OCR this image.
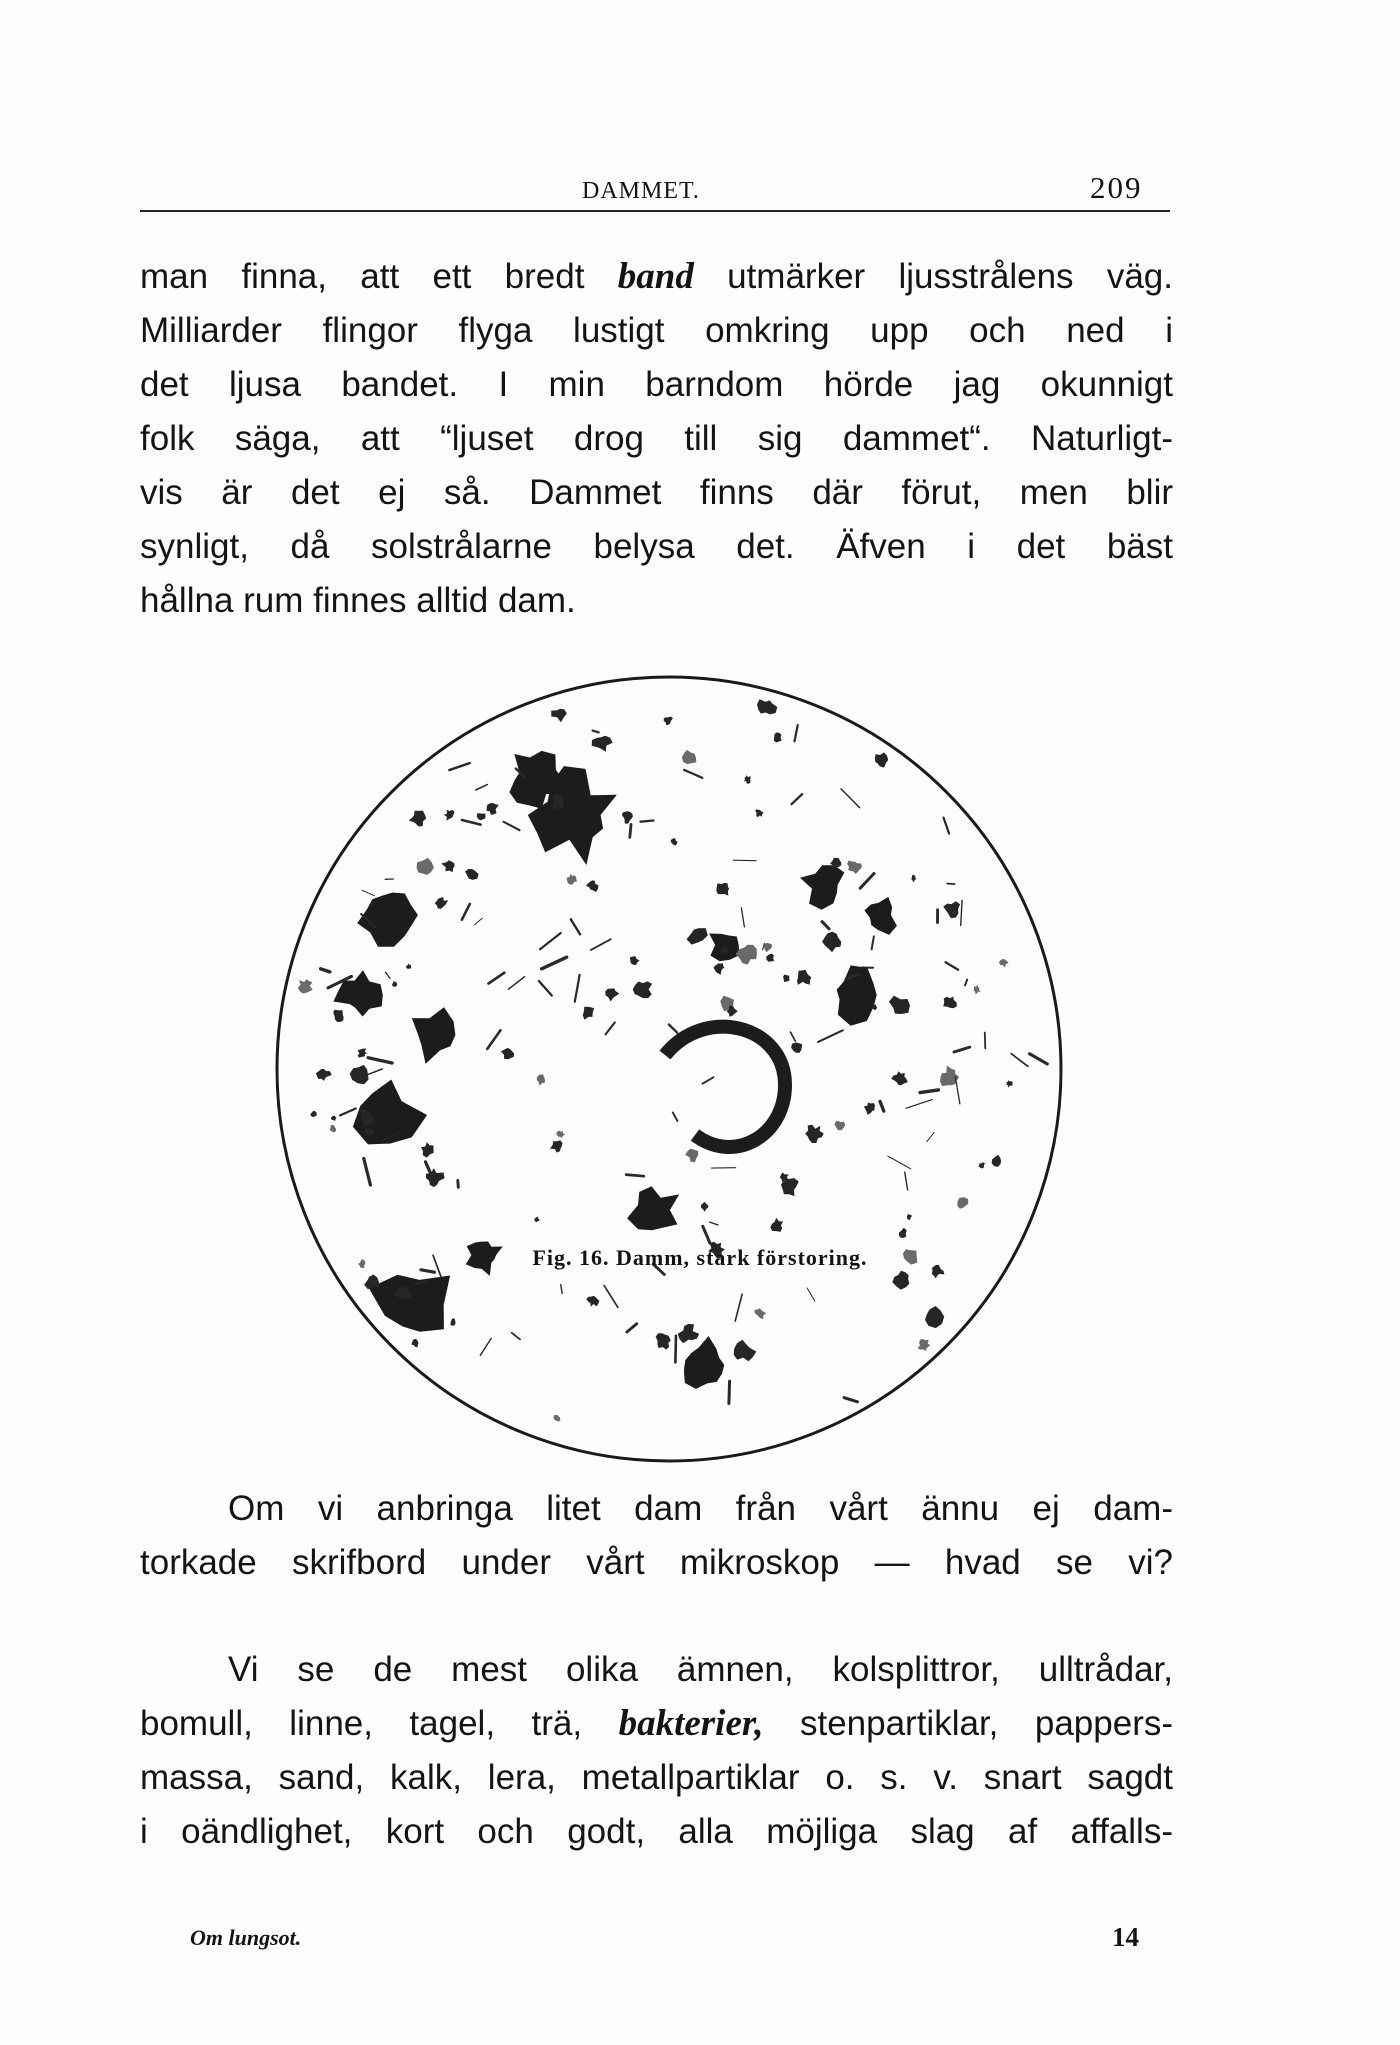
DAMMET.	209
man finna, att ett bredt band utmärker ljusstrålens väg.
Milliarder flingor flyga lustigt omkring upp och ned i
det ljusa bandet. I min barndom hörde jag okunnigt
folk säga, att “ljuset drog till sig dammet“. Naturligt-
vis är det ej så. Dammet finns där förut, men blir
synligt, då solstrålarne belysa det. Äfven i det bäst
hållna rum finnes alltid dam.
Fig. 16. Damm, stark förstoring.
Om vi anbringa litet dam från vårt ännu ej dam-
torkade skrifbord under vårt mikroskop — hvad se vi?
Vi se de mest olika ämnen, kolsplittror, ulltrådar,
bomull, linne, tagel, trä, bakterier, stenpartiklar, pappers-
massa, sand, kalk, lera, metallpartiklar o. s. v. snart sagdt
i oändlighet, kort och godt, alla möjliga slag af affalls-
Om lungsot.	14
